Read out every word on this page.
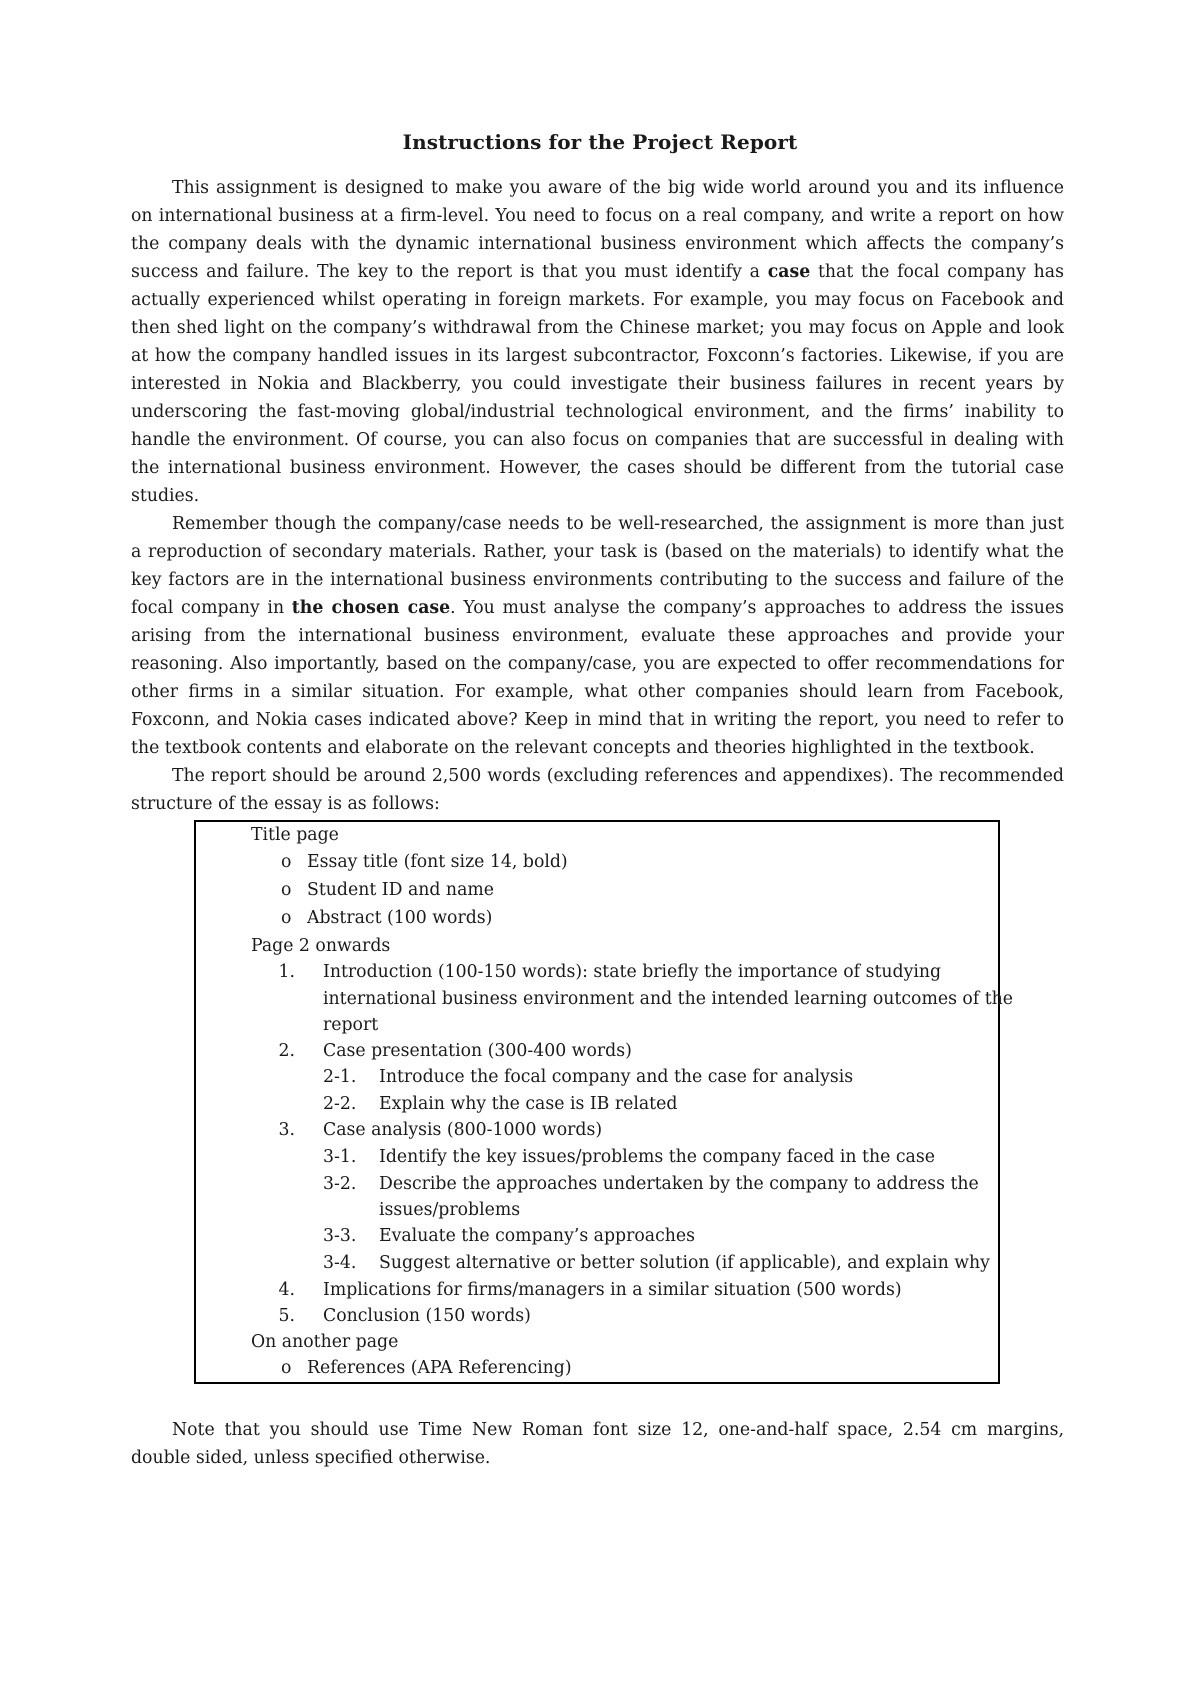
Instructions for the Project Report

This assignment is designed to make you aware of the big wide world around you and its influence on international business at a firm-level. You need to focus on a real company, and write a report on how the company deals with the dynamic international business environment which affects the company’s success and failure. The key to the report is that you must identify a case that the focal company has actually experienced whilst operating in foreign markets. For example, you may focus on Facebook and then shed light on the company’s withdrawal from the Chinese market; you may focus on Apple and look at how the company handled issues in its largest subcontractor, Foxconn’s factories. Likewise, if you are interested in Nokia and Blackberry, you could investigate their business failures in recent years by underscoring the fast-moving global/industrial technological environment, and the firms’ inability to handle the environment. Of course, you can also focus on companies that are successful in dealing with the international business environment. However, the cases should be different from the tutorial case studies.

Remember though the company/case needs to be well-researched, the assignment is more than just a reproduction of secondary materials. Rather, your task is (based on the materials) to identify what the key factors are in the international business environments contributing to the success and failure of the focal company in the chosen case. You must analyse the company’s approaches to address the issues arising from the international business environment, evaluate these approaches and provide your reasoning. Also importantly, based on the company/case, you are expected to offer recommendations for other firms in a similar situation. For example, what other companies should learn from Facebook, Foxconn, and Nokia cases indicated above? Keep in mind that in writing the report, you need to refer to the textbook contents and elaborate on the relevant concepts and theories highlighted in the textbook.

The report should be around 2,500 words (excluding references and appendixes). The recommended structure of the essay is as follows:

Title page
o Essay title (font size 14, bold)
o Student ID and name
o Abstract (100 words)
Page 2 onwards
1. Introduction (100-150 words): state briefly the importance of studying
international business environment and the intended learning outcomes of the
report
2. Case presentation (300-400 words)
2-1. Introduce the focal company and the case for analysis
2-2. Explain why the case is IB related
3. Case analysis (800-1000 words)
3-1. Identify the key issues/problems the company faced in the case
3-2. Describe the approaches undertaken by the company to address the
issues/problems
3-3. Evaluate the company’s approaches
3-4. Suggest alternative or better solution (if applicable), and explain why
4. Implications for firms/managers in a similar situation (500 words)
5. Conclusion (150 words)
On another page
o References (APA Referencing)

Note that you should use Time New Roman font size 12, one-and-half space, 2.54 cm margins, double sided, unless specified otherwise.
